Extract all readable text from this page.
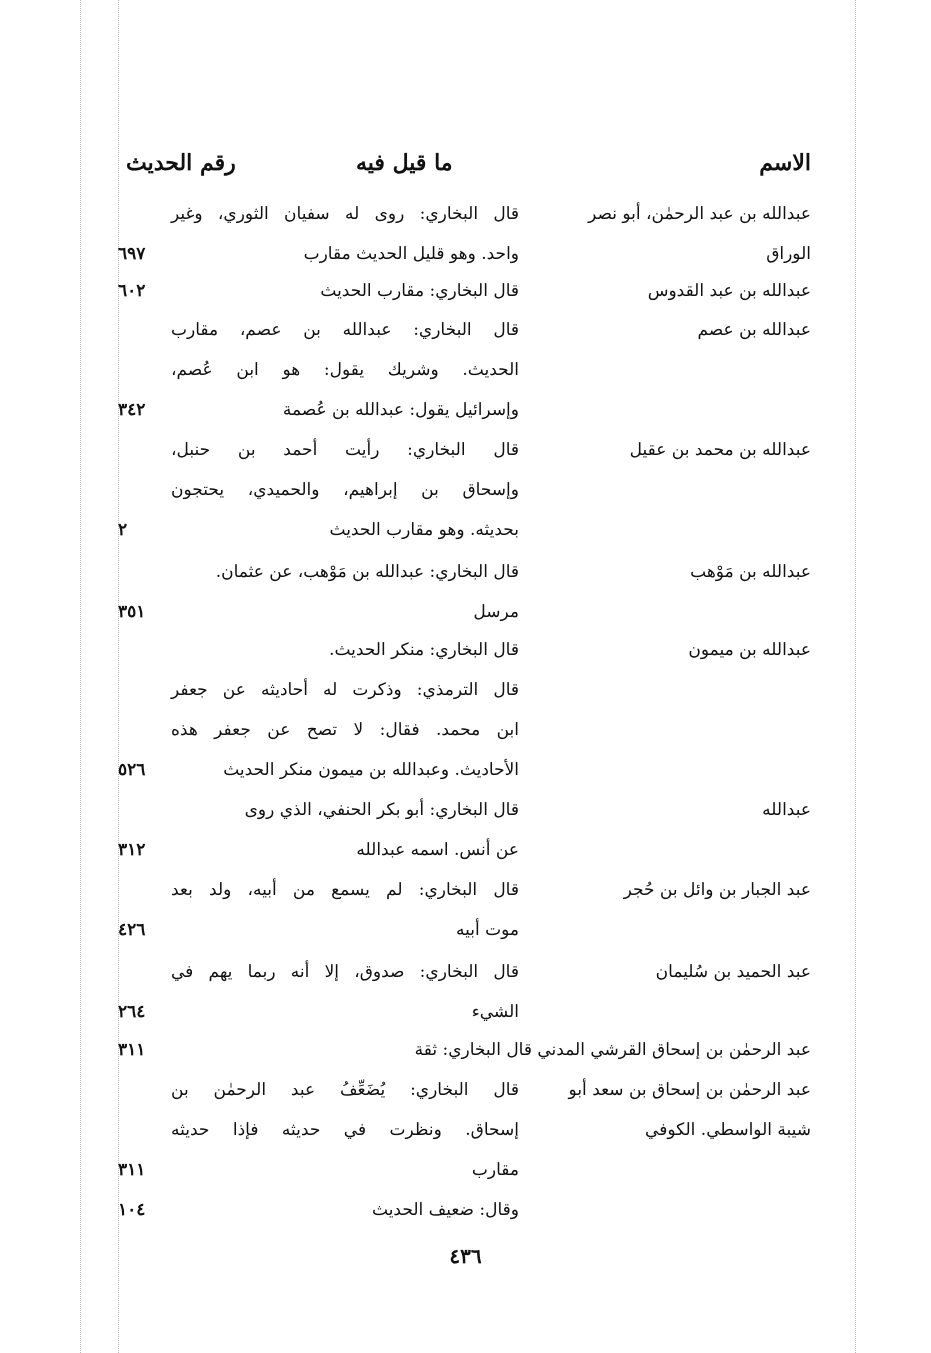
الاسم
ما قيل فيه
رقم الحديث
عبدالله بن عبد الرحمٰن، أبو نصر
قال البخاري: روى له سفيان الثوري، وغير
الوراق
واحد. وهو قليل الحديث مقارب
٦٩٧
عبدالله بن عبد القدوس
قال البخاري: مقارب الحديث
٦٠٢
عبدالله بن عصم
قال البخاري: عبدالله بن عصم، مقارب
الحديث. وشريك يقول: هو ابن عُصم،
وإسرائيل يقول: عبدالله بن عُصمة
٣٤٢
عبدالله بن محمد بن عقيل
قال البخاري: رأيت أحمد بن حنبل،
وإسحاق بن إبراهيم، والحميدي، يحتجون
بحديثه. وهو مقارب الحديث
٢
عبدالله بن مَوْهب
قال البخاري: عبدالله بن مَوْهب، عن عثمان.
مرسل
٣٥١
عبدالله بن ميمون
قال البخاري: منكر الحديث.
قال الترمذي: وذكرت له أحاديثه عن جعفر
ابن محمد. فقال: لا تصح عن جعفر هذه
الأحاديث. وعبدالله بن ميمون منكر الحديث
٥٢٦
عبدالله
قال البخاري: أبو بكر الحنفي، الذي روى
عن أنس. اسمه عبدالله
٣١٢
عبد الجبار بن وائل بن حُجر
قال البخاري: لم يسمع من أبيه، ولد بعد
موت أبيه
٤٢٦
عبد الحميد بن سُليمان
قال البخاري: صدوق، إلا أنه ربما يهم في
الشيء
٢٦٤
عبد الرحمٰن بن إسحاق القرشي المدني قال البخاري: ثقة
٣١١
عبد الرحمٰن بن إسحاق بن سعد أبو
قال البخاري: يُضَعِّفُ عبد الرحمٰن بن
شيبة الواسطي. الكوفي
إسحاق. ونظرت في حديثه فإذا حديثه
مقارب
٣١١
وقال: ضعيف الحديث
١٠٤
٤٣٦
